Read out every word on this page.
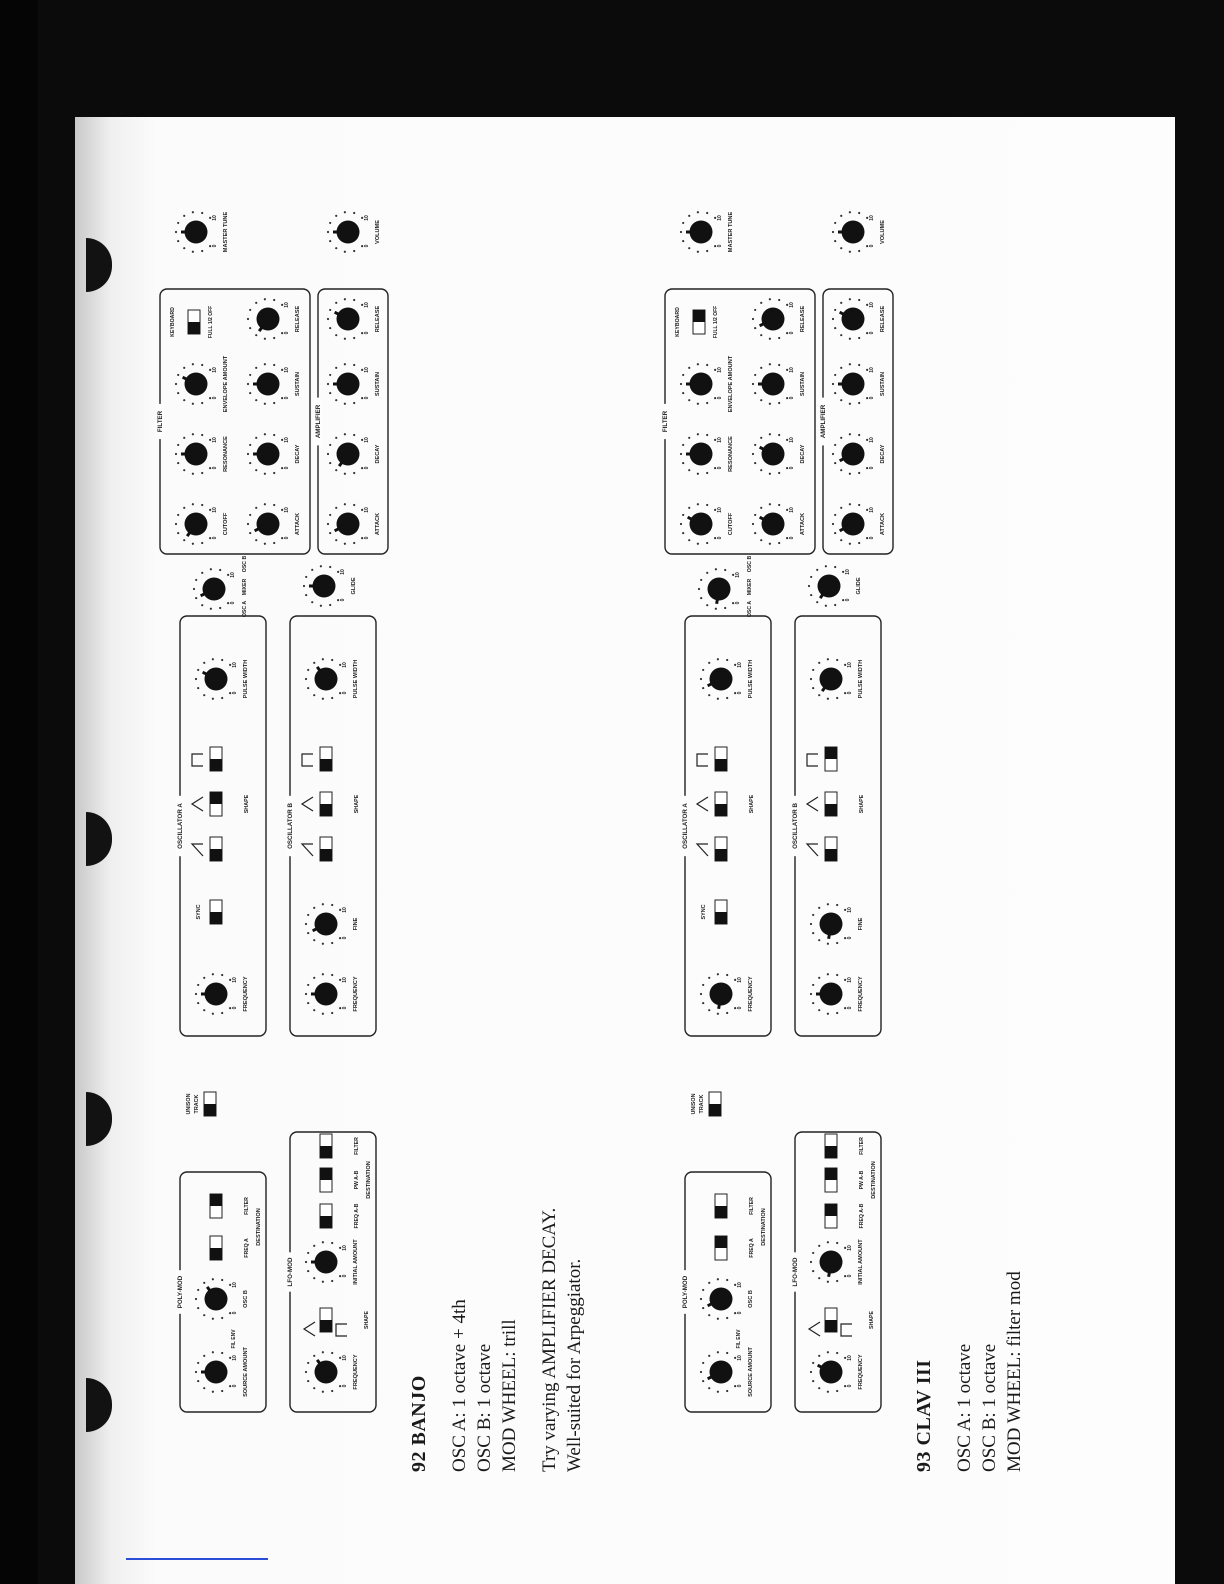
POLY-MOD
0
10 SOURCE AMOUNT
FIL ENV
0
10
OSC B
FREQ A
FILTER
DESTINATION
LFO-MOD
0
10 FREQUENCY
SHAPE
0
10 INITIAL AMOUNT
FREQ A-B
PW A-B
FILTER
DESTINATION
UNISON TRACK
OSCILLATOR A
0
10 FREQUENCY
SYNC
SHAPE
0
10 PULSE WIDTH
OSCILLATOR B
0
10 FREQUENCY
0
10
FINE
SHAPE
0
10 PULSE WIDTH
0
10
OSC A
MIXER
OSC B
0
10
GLIDE
FILTER
0
10
CUTOFF
0
10 RESONANCE
0
10 ENVELOPE AMOUNT
KEYBOARD	FULL 1/2 OFF
0
10
ATTACK
0
10
DECAY
0
10
SUSTAIN
0
10
RELEASE
AMPLIFIER
0
10
ATTACK
0
10
DECAY
0
10
SUSTAIN
0
10
RELEASE
0
10 MASTER TUNE	0
10
VOLUME
POLY-MOD
0
10 SOURCE AMOUNT
FIL ENV
0
10
OSC B
FREQ A
FILTER
DESTINATION
LFO-MOD
0
10 FREQUENCY
SHAPE
0
10 INITIAL AMOUNT
FREQ A-B
PW A-B
FILTER
DESTINATION
UNISON TRACK
OSCILLATOR A
0
10 FREQUENCY
SYNC
SHAPE
0
10 PULSE WIDTH
OSCILLATOR B
0
10 FREQUENCY
0
10
FINE
SHAPE
0
10 PULSE WIDTH
0
10
OSC A
MIXER
OSC B
0
10
GLIDE
FILTER
0
10
CUTOFF
0
10 RESONANCE
0
10 ENVELOPE AMOUNT
KEYBOARD	FULL 1/2 OFF
0
10
ATTACK
0
10
DECAY
0
10
SUSTAIN
0
10
RELEASE
AMPLIFIER
0
10
ATTACK
0
10
DECAY
0
10
SUSTAIN
0
10
RELEASE
0
10 MASTER TUNE	0
10
VOLUME
92 BANJO OSC A: 1 octave + 4th OSC B: 1 octave MOD WHEEL: trill Try varying AMPLIFIER DECAY. Well-suited for Arpeggiator.	93 CLAV III OSC A: 1 octave OSC B: 1 octave MOD WHEEL: filter mod
